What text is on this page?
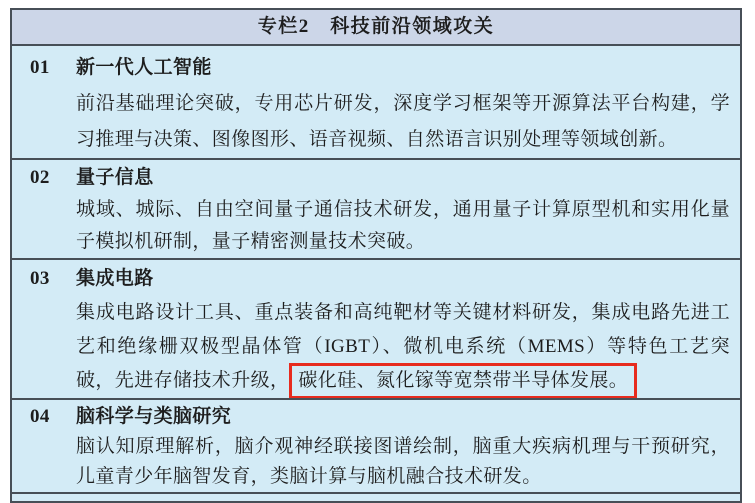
专栏2　科技前沿领域攻关
01 新一代人工智能
前沿基础理论突破，专用芯片研发，深度学习框架等开源算法平台构建，学习推理与决策、图像图形、语音视频、自然语言识别处理等领域创新。
02 量子信息
城域、城际、自由空间量子通信技术研发，通用量子计算原型机和实用化量子模拟机研制，量子精密测量技术突破。
03 集成电路
集成电路设计工具、重点装备和高纯靶材等关键材料研发，集成电路先进工艺和绝缘栅双极型晶体管（IGBT）、微机电系统（MEMS）等特色工艺突破，先进存储技术升级， 碳化硅、氮化镓等宽禁带半导体发展。
04 脑科学与类脑研究
脑认知原理解析，脑介观神经联接图谱绘制，脑重大疾病机理与干预研究，儿童青少年脑智发育，类脑计算与脑机融合技术研发。
